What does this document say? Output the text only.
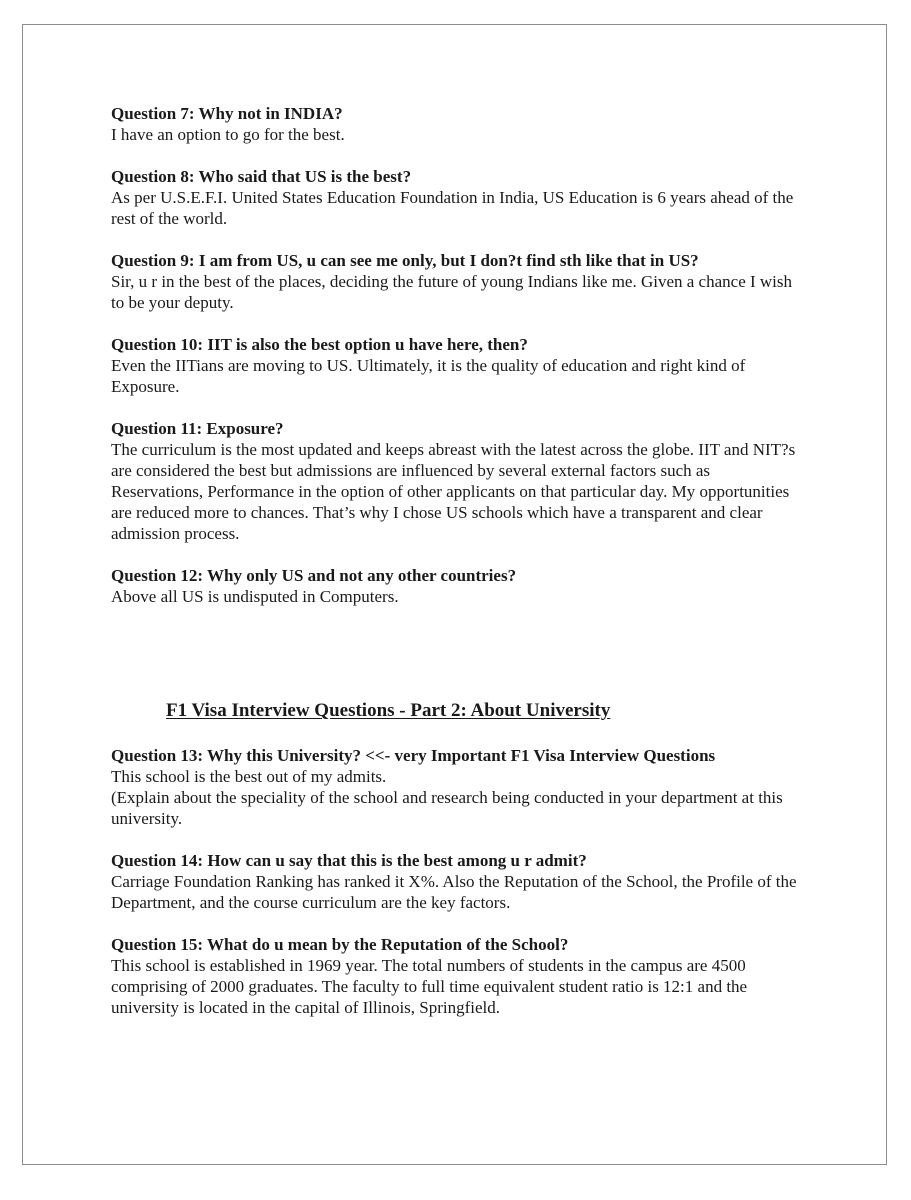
Question 7: Why not in INDIA?
I have an option to go for the best.
Question 8: Who said that US is the best?
As per U.S.E.F.I. United States Education Foundation in India, US Education is 6 years ahead of the
rest of the world.
Question 9: I am from US, u can see me only, but I don?t find sth like that in US?
Sir, u r in the best of the places, deciding the future of young Indians like me. Given a chance I wish
to be your deputy.
Question 10: IIT is also the best option u have here, then?
Even the IITians are moving to US. Ultimately, it is the quality of education and right kind of
Exposure.
Question 11: Exposure?
The curriculum is the most updated and keeps abreast with the latest across the globe. IIT and NIT?s
are considered the best but admissions are influenced by several external factors such as
Reservations, Performance in the option of other applicants on that particular day. My opportunities
are reduced more to chances. That’s why I chose US schools which have a transparent and clear
admission process.
Question 12: Why only US and not any other countries?
Above all US is undisputed in Computers.
F1 Visa Interview Questions - Part 2: About University
Question 13: Why this University? <<- very Important F1 Visa Interview Questions
This school is the best out of my admits.
(Explain about the speciality of the school and research being conducted in your department at this
university.
Question 14: How can u say that this is the best among u r admit?
Carriage Foundation Ranking has ranked it X%. Also the Reputation of the School, the Profile of the
Department, and the course curriculum are the key factors.
Question 15: What do u mean by the Reputation of the School?
This school is established in 1969 year. The total numbers of students in the campus are 4500
comprising of 2000 graduates. The faculty to full time equivalent student ratio is 12:1 and the
university is located in the capital of Illinois, Springfield.
